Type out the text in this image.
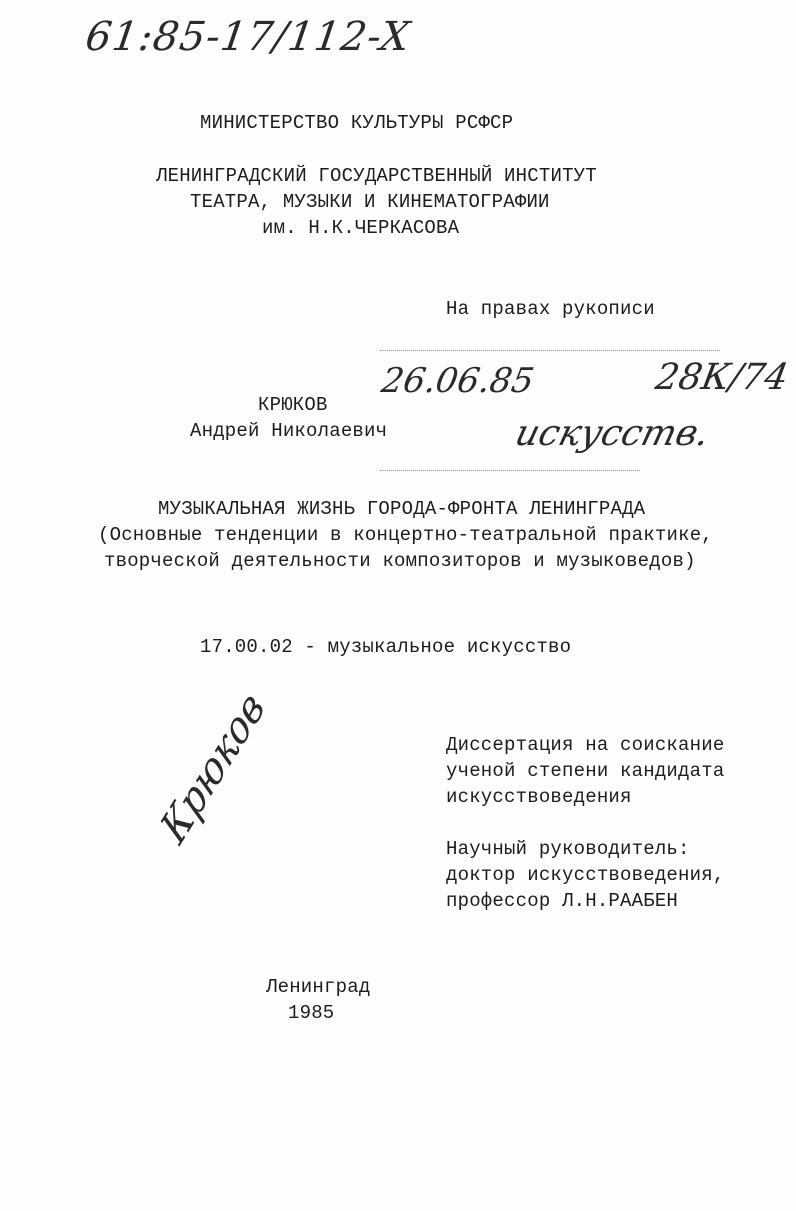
61:85-17/112-X
МИНИСТЕРСТВО КУЛЬТУРЫ РСФСР
ЛЕНИНГРАДСКИЙ ГОСУДАРСТВЕННЫЙ ИНСТИТУТ
ТЕАТРА, МУЗЫКИ И КИНЕМАТОГРАФИИ
им. Н.К.ЧЕРКАСОВА
На правах рукописи
26.06.85	28К/74
искусств.
КРЮКОВ
Андрей Николаевич
МУЗЫКАЛЬНАЯ ЖИЗНЬ ГОРОДА-ФРОНТА ЛЕНИНГРАДА
(Основные тенденции в концертно-театральной практике,
творческой деятельности композиторов и музыковедов)
17.00.02 - музыкальное искусство
Диссертация на соискание
ученой степени кандидата
искусствоведения
Научный руководитель:
доктор искусствоведения,
профессор Л.Н.РААБЕН
Крюков
Ленинград
1985
